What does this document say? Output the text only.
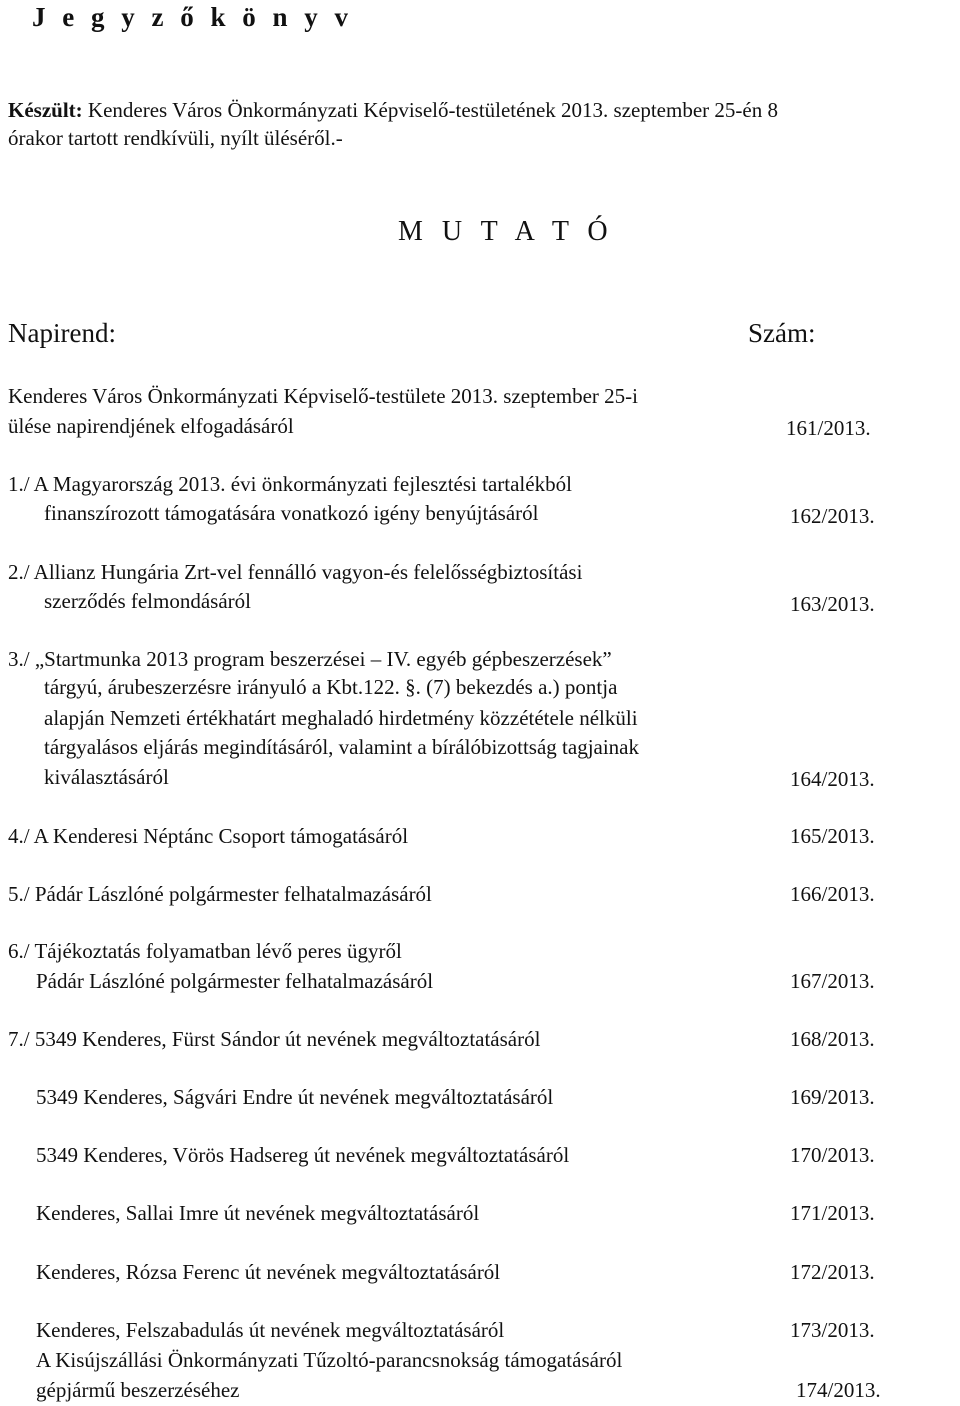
J e g y z ő k ö n y v
Készült: Kenderes Város Önkormányzati Képviselő-testületének 2013. szeptember 25-én 8
órakor tartott rendkívüli, nyílt üléséről.-
M U T A T Ó
Napirend:	Szám:
Kenderes Város Önkormányzati Képviselő-testülete 2013. szeptember 25-i
ülése napirendjének elfogadásáról	161/2013.
1./ A Magyarország 2013. évi önkormányzati fejlesztési tartalékból
finanszírozott támogatására vonatkozó igény benyújtásáról	162/2013.
2./ Allianz Hungária Zrt-vel fennálló vagyon-és felelősségbiztosítási
szerződés felmondásáról	163/2013.
3./ „Startmunka 2013 program beszerzései – IV. egyéb gépbeszerzések”
tárgyú, árubeszerzésre irányuló a Kbt.122. §. (7) bekezdés a.) pontja
alapján Nemzeti értékhatárt meghaladó hirdetmény közzététele nélküli
tárgyalásos eljárás megindításáról, valamint a bírálóbizottság tagjainak
kiválasztásáról	164/2013.
4./ A Kenderesi Néptánc Csoport támogatásáról	165/2013.
5./ Pádár Lászlóné polgármester felhatalmazásáról	166/2013.
6./ Tájékoztatás folyamatban lévő peres ügyről
Pádár Lászlóné polgármester felhatalmazásáról	167/2013.
7./ 5349 Kenderes, Fürst Sándor út nevének megváltoztatásáról	168/2013.
5349 Kenderes, Ságvári Endre út nevének megváltoztatásáról	169/2013.
5349 Kenderes, Vörös Hadsereg út nevének megváltoztatásáról	170/2013.
Kenderes, Sallai Imre út nevének megváltoztatásáról	171/2013.
Kenderes, Rózsa Ferenc út nevének megváltoztatásáról	172/2013.
Kenderes, Felszabadulás út nevének megváltoztatásáról	173/2013.
A Kisújszállási Önkormányzati Tűzoltó-parancsnokság támogatásáról
gépjármű beszerzéséhez	174/2013.
